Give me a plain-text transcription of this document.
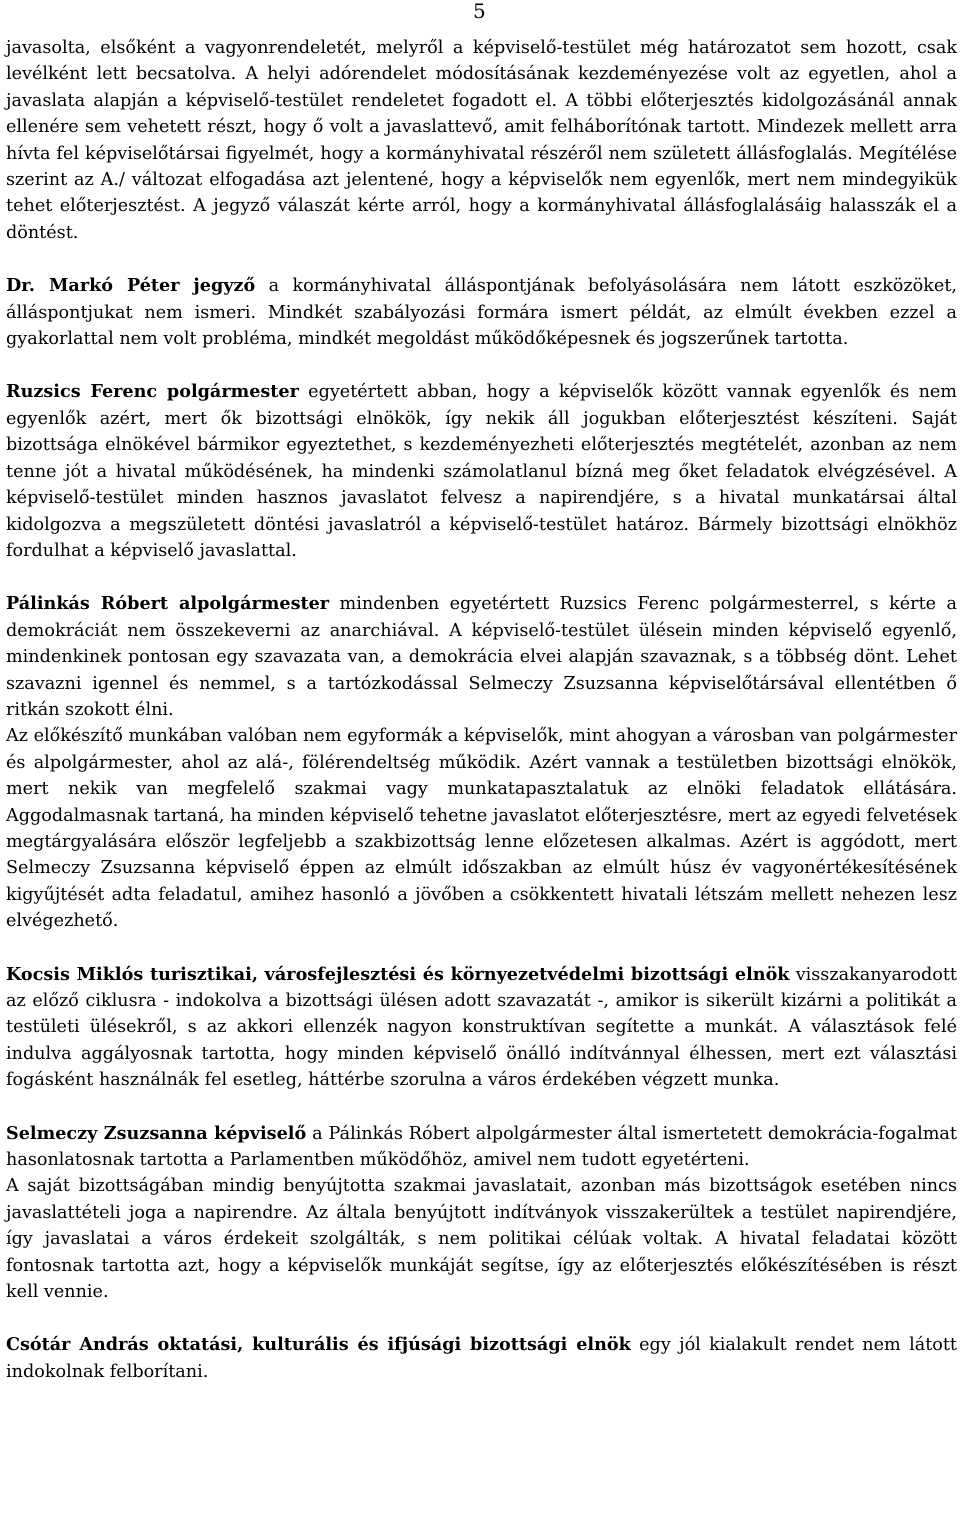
5

javasolta, elsőként a vagyonrendeletét, melyről a képviselő-testület még határozatot sem hozott, csak levélként lett becsatolva. A helyi adórendelet módosításának kezdeményezése volt az egyetlen, ahol a javaslata alapján a képviselő-testület rendeletet fogadott el. A többi előterjesztés kidolgozásánál annak ellenére sem vehetett részt, hogy ő volt a javaslattevő, amit felháborítónak tartott. Mindezek mellett arra hívta fel képviselőtársai figyelmét, hogy a kormányhivatal részéről nem született állásfoglalás. Megítélése szerint az A./ változat elfogadása azt jelentené, hogy a képviselők nem egyenlők, mert nem mindegyikük tehet előterjesztést. A jegyző válaszát kérte arról, hogy a kormányhivatal állásfoglalásáig halasszák el a döntést.

Dr. Markó Péter jegyző a kormányhivatal álláspontjának befolyásolására nem látott eszközöket, álláspontjukat nem ismeri. Mindkét szabályozási formára ismert példát, az elmúlt években ezzel a gyakorlattal nem volt probléma, mindkét megoldást működőképesnek és jogszerűnek tartotta.

Ruzsics Ferenc polgármester egyetértett abban, hogy a képviselők között vannak egyenlők és nem egyenlők azért, mert ők bizottsági elnökök, így nekik áll jogukban előterjesztést készíteni. Saját bizottsága elnökével bármikor egyeztethet, s kezdeményezheti előterjesztés megtételét, azonban az nem tenne jót a hivatal működésének, ha mindenki számolatlanul bízná meg őket feladatok elvégzésével. A képviselő-testület minden hasznos javaslatot felvesz a napirendjére, s a hivatal munkatársai által kidolgozva a megszületett döntési javaslatról a képviselő-testület határoz. Bármely bizottsági elnökhöz fordulhat a képviselő javaslattal.

Pálinkás Róbert alpolgármester mindenben egyetértett Ruzsics Ferenc polgármesterrel, s kérte a demokráciát nem összekeverni az anarchiával. A képviselő-testület ülésein minden képviselő egyenlő, mindenkinek pontosan egy szavazata van, a demokrácia elvei alapján szavaznak, s a többség dönt. Lehet szavazni igennel és nemmel, s a tartózkodással Selmeczy Zsuzsanna képviselőtársával ellentétben ő ritkán szokott élni.

Az előkészítő munkában valóban nem egyformák a képviselők, mint ahogyan a városban van polgármester és alpolgármester, ahol az alá-, fölérendeltség működik. Azért vannak a testületben bizottsági elnökök, mert nekik van megfelelő szakmai vagy munkatapasztalatuk az elnöki feladatok ellátására. Aggodalmasnak tartaná, ha minden képviselő tehetne javaslatot előterjesztésre, mert az egyedi felvetések megtárgyalására először legfeljebb a szakbizottság lenne előzetesen alkalmas. Azért is aggódott, mert Selmeczy Zsuzsanna képviselő éppen az elmúlt időszakban az elmúlt húsz év vagyonértékesítésének kigyűjtését adta feladatul, amihez hasonló a jövőben a csökkentett hivatali létszám mellett nehezen lesz elvégezhető.

Kocsis Miklós turisztikai, városfejlesztési és környezetvédelmi bizottsági elnök visszakanyarodott az előző ciklusra - indokolva a bizottsági ülésen adott szavazatát -, amikor is sikerült kizárni a politikát a testületi ülésekről, s az akkori ellenzék nagyon konstruktívan segítette a munkát. A választások felé indulva aggályosnak tartotta, hogy minden képviselő önálló indítvánnyal élhessen, mert ezt választási fogásként használnák fel esetleg, háttérbe szorulna a város érdekében végzett munka.

Selmeczy Zsuzsanna képviselő a Pálinkás Róbert alpolgármester által ismertetett demokrácia-fogalmat hasonlatosnak tartotta a Parlamentben működőhöz, amivel nem tudott egyetérteni.

A saját bizottságában mindig benyújtotta szakmai javaslatait, azonban más bizottságok esetében nincs javaslattételi joga a napirendre. Az általa benyújtott indítványok visszakerültek a testület napirendjére, így javaslatai a város érdekeit szolgálták, s nem politikai célúak voltak. A hivatal feladatai között fontosnak tartotta azt, hogy a képviselők munkáját segítse, így az előterjesztés előkészítésében is részt kell vennie.

Csótár András oktatási, kulturális és ifjúsági bizottsági elnök egy jól kialakult rendet nem látott indokolnak felborítani.
